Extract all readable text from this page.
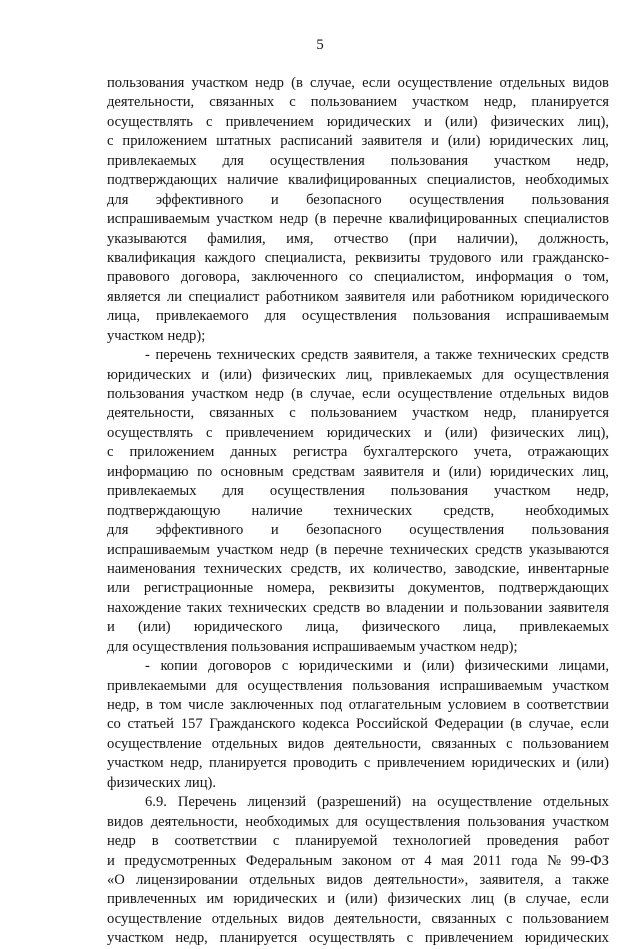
5
пользования участком недр (в случае, если осуществление отдельных видов
деятельности, связанных с пользованием участком недр, планируется
осуществлять с привлечением юридических и (или) физических лиц),
с приложением штатных расписаний заявителя и (или) юридических лиц,
привлекаемых для осуществления пользования участком недр,
подтверждающих наличие квалифицированных специалистов, необходимых
для эффективного и безопасного осуществления пользования
испрашиваемым участком недр (в перечне квалифицированных специалистов
указываются фамилия, имя, отчество (при наличии), должность,
квалификация каждого специалиста, реквизиты трудового или гражданско-
правового договора, заключенного со специалистом, информация о том,
является ли специалист работником заявителя или работником юридического
лица, привлекаемого для осуществления пользования испрашиваемым
участком недр);
- перечень технических средств заявителя, а также технических средств
юридических и (или) физических лиц, привлекаемых для осуществления
пользования участком недр (в случае, если осуществление отдельных видов
деятельности, связанных с пользованием участком недр, планируется
осуществлять с привлечением юридических и (или) физических лиц),
с приложением данных регистра бухгалтерского учета, отражающих
информацию по основным средствам заявителя и (или) юридических лиц,
привлекаемых для осуществления пользования участком недр,
подтверждающую наличие технических средств, необходимых
для эффективного и безопасного осуществления пользования
испрашиваемым участком недр (в перечне технических средств указываются
наименования технических средств, их количество, заводские, инвентарные
или регистрационные номера, реквизиты документов, подтверждающих
нахождение таких технических средств во владении и пользовании заявителя
и (или) юридического лица, физического лица, привлекаемых
для осуществления пользования испрашиваемым участком недр);
- копии договоров с юридическими и (или) физическими лицами,
привлекаемыми для осуществления пользования испрашиваемым участком
недр, в том числе заключенных под отлагательным условием в соответствии
со статьей 157 Гражданского кодекса Российской Федерации (в случае, если
осуществление отдельных видов деятельности, связанных с пользованием
участком недр, планируется проводить с привлечением юридических и (или)
физических лиц).
6.9. Перечень лицензий (разрешений) на осуществление отдельных
видов деятельности, необходимых для осуществления пользования участком
недр в соответствии с планируемой технологией проведения работ
и предусмотренных Федеральным законом от 4 мая 2011 года № 99-ФЗ
«О лицензировании отдельных видов деятельности», заявителя, а также
привлеченных им юридических и (или) физических лиц (в случае, если
осуществление отдельных видов деятельности, связанных с пользованием
участком недр, планируется осуществлять с привлечением юридических
